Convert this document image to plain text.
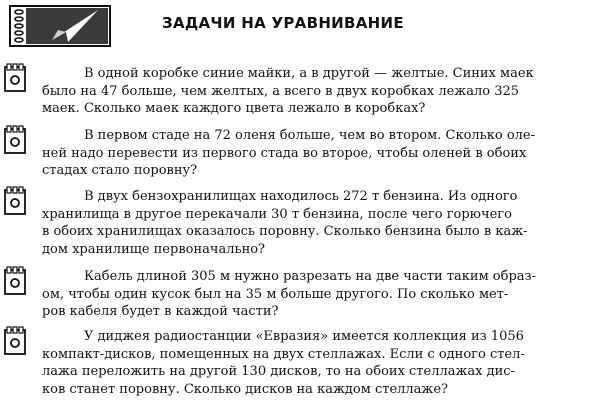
ЗАДАЧИ НА УРАВНИВАНИЕ
В одной коробке синие майки, а в другой — желтые. Синих маек
было на 47 больше, чем желтых, а всего в двух коробках лежало 325
маек. Сколько маек каждого цвета лежало в коробках?
В первом стаде на 72 оленя больше, чем во втором. Сколько оле-
ней надо перевести из первого стада во второе, чтобы оленей в обоих
стадах стало поровну?
В двух бензохранилищах находилось 272 т бензина. Из одного
хранилища в другое перекачали 30 т бензина, после чего горючего
в обоих хранилищах оказалось поровну. Сколько бензина было в каж-
дом хранилище первоначально?
Кабель длиной 305 м нужно разрезать на две части таким образ-
ом, чтобы один кусок был на 35 м больше другого. По сколько мет-
ров кабеля будет в каждой части?
У диджея радиостанции «Евразия» имеется коллекция из 1056
компакт-дисков, помещенных на двух стеллажах. Если с одного стел-
лажа переложить на другой 130 дисков, то на обоих стеллажах дис-
ков станет поровну. Сколько дисков на каждом стеллаже?
